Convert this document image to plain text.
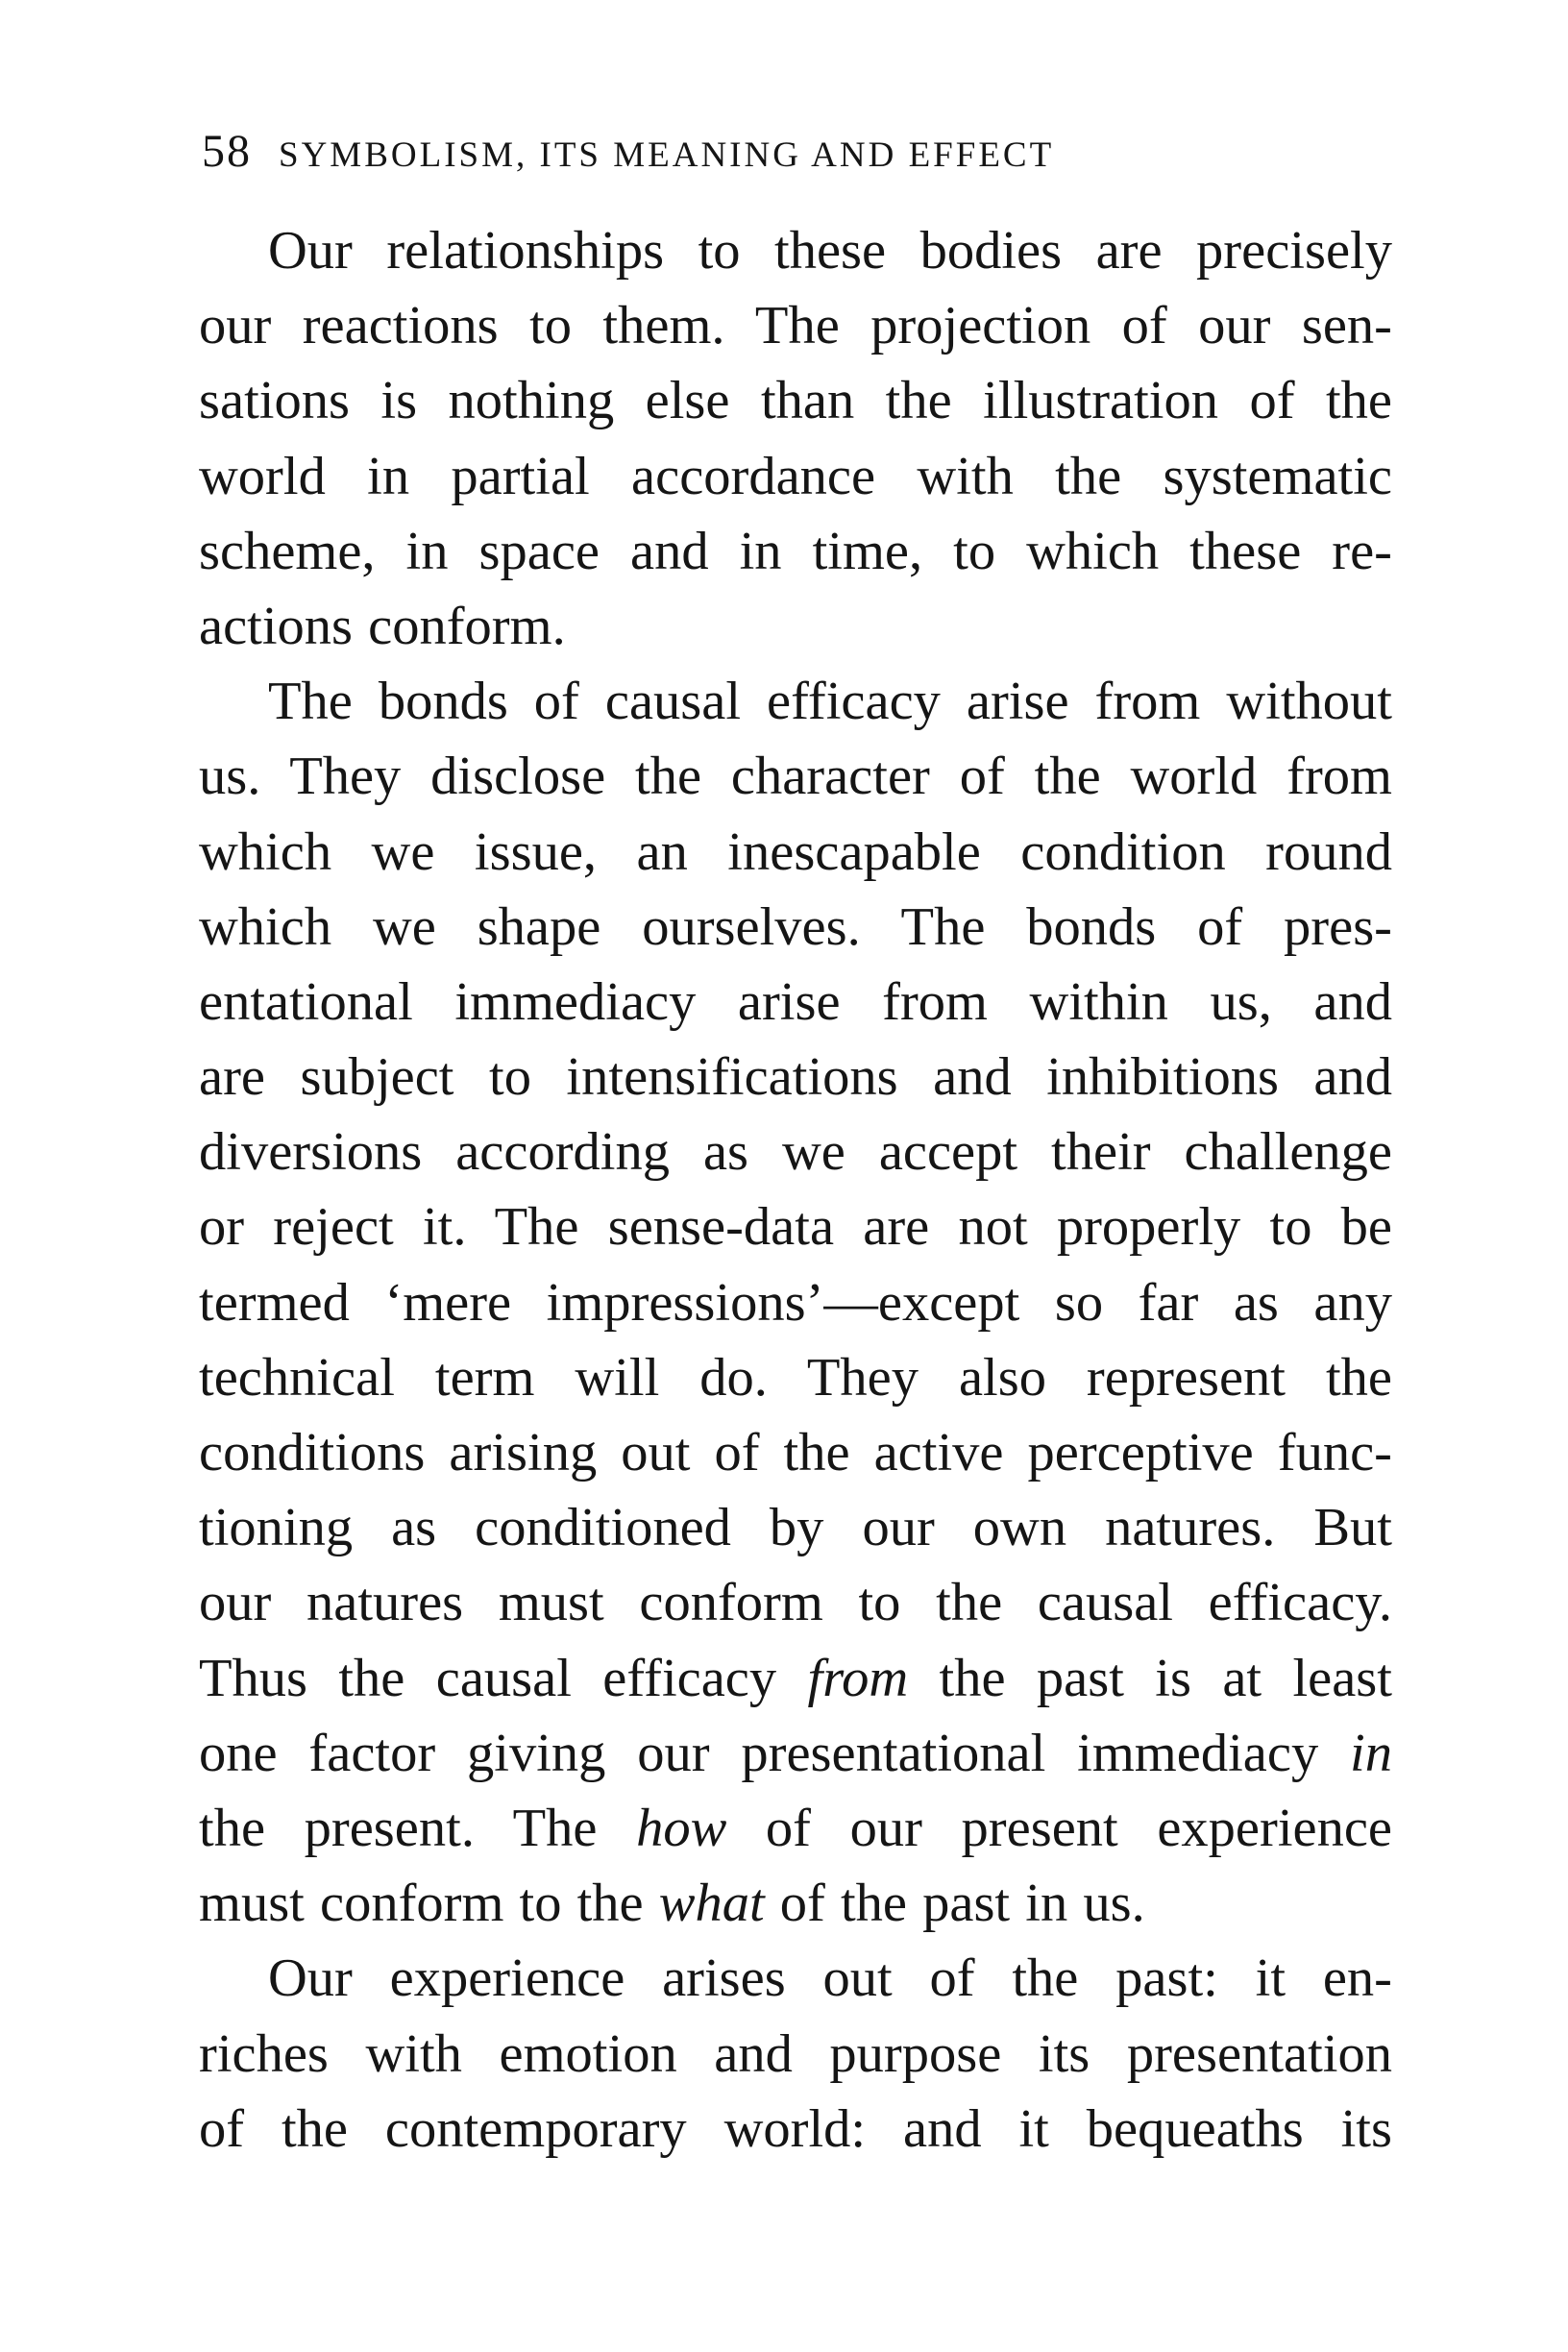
58 SYMBOLISM, ITS MEANING AND EFFECT
Our relationships to these bodies are precisely
our reactions to them. The projection of our sen-
sations is nothing else than the illustration of the
world in partial accordance with the systematic
scheme, in space and in time, to which these re-
actions conform.
The bonds of causal efficacy arise from without
us. They disclose the character of the world from
which we issue, an inescapable condition round
which we shape ourselves. The bonds of pres-
entational immediacy arise from within us, and
are subject to intensifications and inhibitions and
diversions according as we accept their challenge
or reject it. The sense-data are not properly to be
termed ‘mere impressions’—except so far as any
technical term will do. They also represent the
conditions arising out of the active perceptive func-
tioning as conditioned by our own natures. But
our natures must conform to the causal efficacy.
Thus the causal efficacy from the past is at least
one factor giving our presentational immediacy in
the present. The how of our present experience
must conform to the what of the past in us.
Our experience arises out of the past: it en-
riches with emotion and purpose its presentation
of the contemporary world: and it bequeaths its
